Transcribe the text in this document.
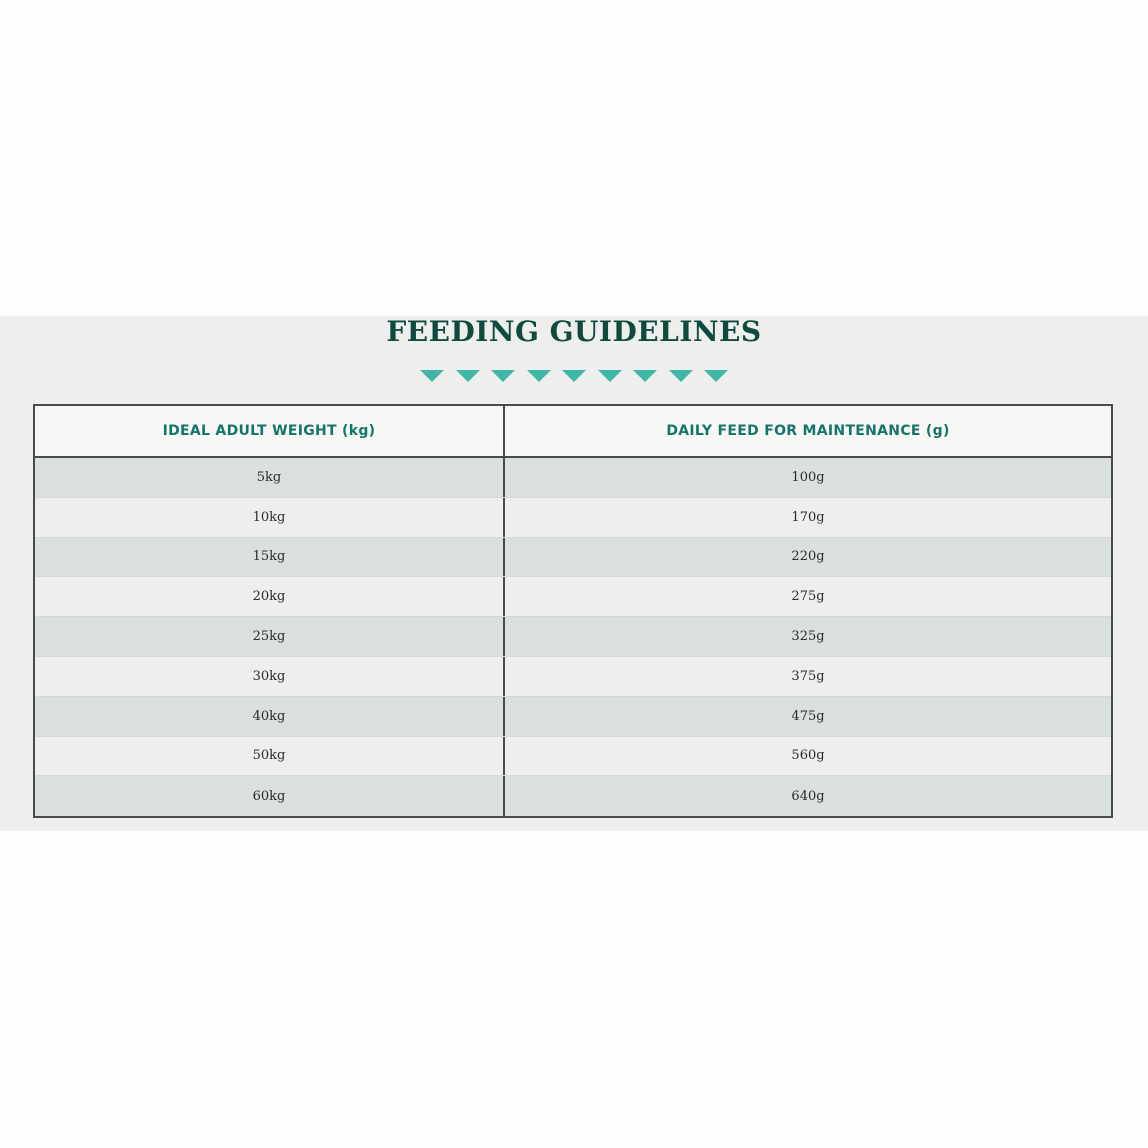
FEEDING GUIDELINES
IDEAL ADULT WEIGHT (kg)	DAILY FEED FOR MAINTENANCE (g)
5kg	100g
10kg	170g
15kg	220g
20kg	275g
25kg	325g
30kg	375g
40kg	475g
50kg	560g
60kg	640g
